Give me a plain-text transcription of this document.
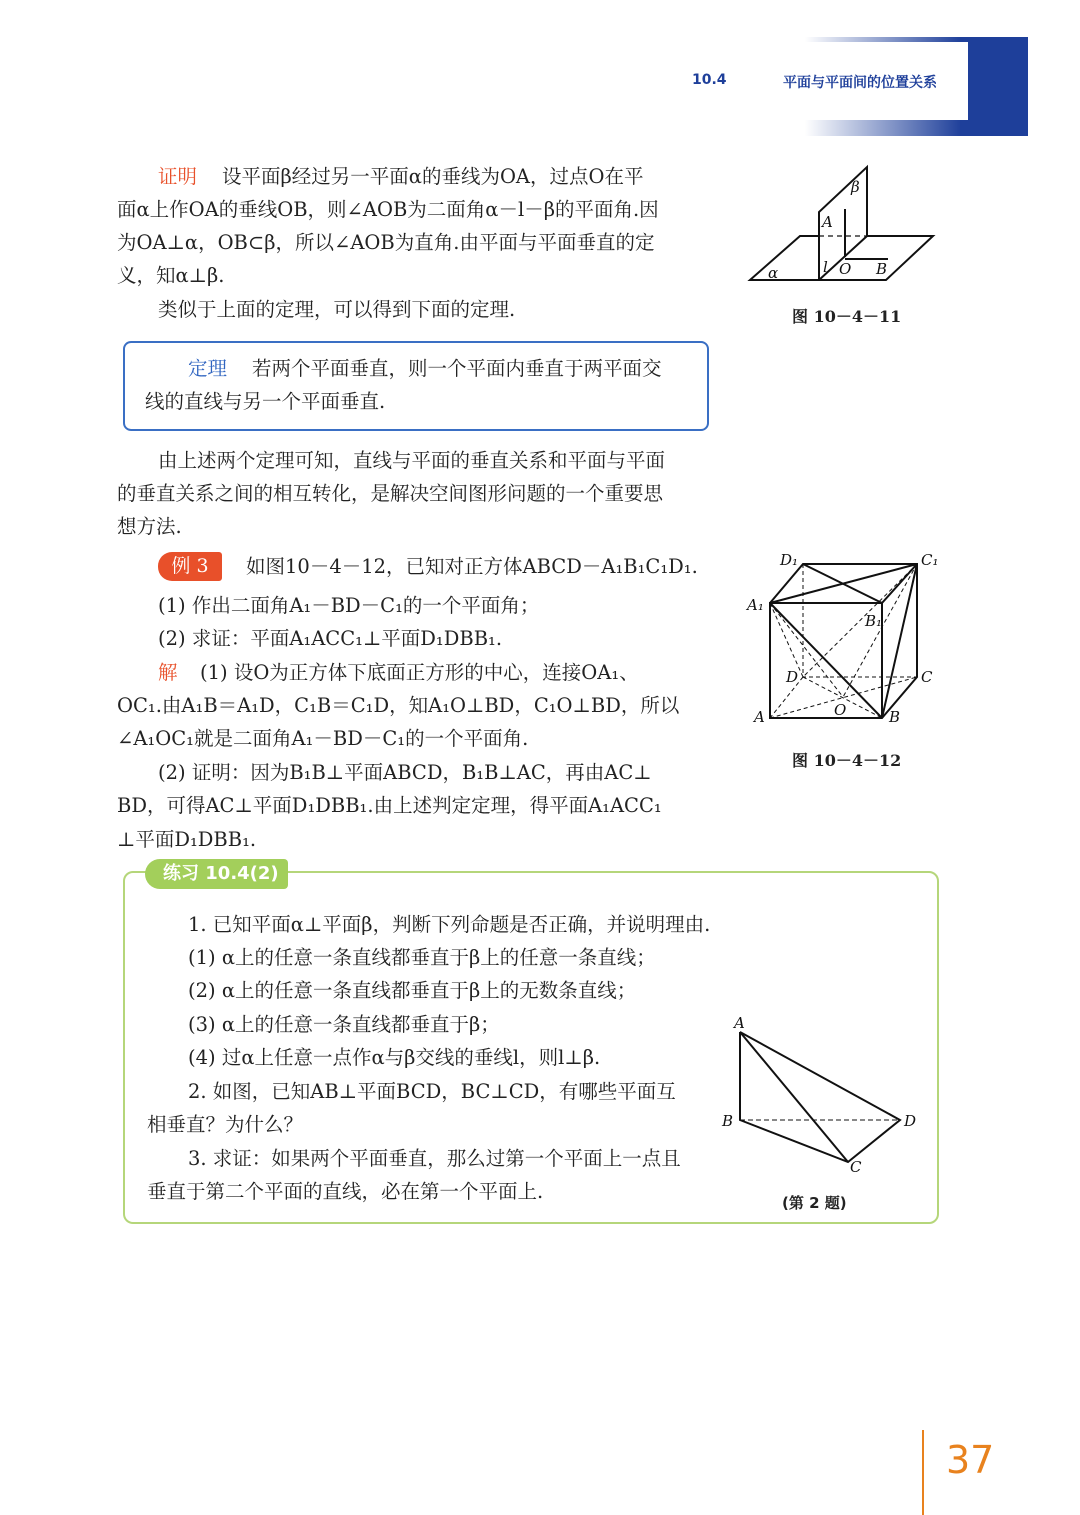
10.4	平面与平面间的位置关系
证明 设平面β经过另一平面α的垂线为OA，过点O在平
面α上作OA的垂线OB，则∠AOB为二面角α－l－β的平面角.因
为OA⊥α，OB⊂β，所以∠AOB为直角.由平面与平面垂直的定
义，知α⊥β.
类似于上面的定理，可以得到下面的定理.
定理 若两个平面垂直，则一个平面内垂直于两平面交
线的直线与另一个平面垂直.
由上述两个定理可知，直线与平面的垂直关系和平面与平面
的垂直关系之间的相互转化，是解决空间图形问题的一个重要思
想方法.
例 3	如图10－4－12，已知对正方体ABCD－A₁B₁C₁D₁.
(1) 作出二面角A₁－BD－C₁的一个平面角；
(2) 求证：平面A₁ACC₁⊥平面D₁DBB₁.
解 (1) 设O为正方体下底面正方形的中心，连接OA₁、
OC₁.由A₁B＝A₁D，C₁B＝C₁D，知A₁O⊥BD，C₁O⊥BD，所以
∠A₁OC₁就是二面角A₁－BD－C₁的一个平面角.
(2) 证明：因为B₁B⊥平面ABCD，B₁B⊥AC，再由AC⊥
BD，可得AC⊥平面D₁DBB₁.由上述判定定理，得平面A₁ACC₁
⊥平面D₁DBB₁.
β
A
α	l O B
D₁	C₁
A₁
B₁
D	C
A	O	B
图 10－4－11
图 10－4－12
练习 10.4(2)
1. 已知平面α⊥平面β，判断下列命题是否正确，并说明理由.
(1) α上的任意一条直线都垂直于β上的任意一条直线；
(2) α上的任意一条直线都垂直于β上的无数条直线；
(3) α上的任意一条直线都垂直于β；
(4) 过α上任意一点作α与β交线的垂线l，则l⊥β.
2. 如图，已知AB⊥平面BCD，BC⊥CD，有哪些平面互
相垂直？为什么？
3. 求证：如果两个平面垂直，那么过第一个平面上一点且
垂直于第二个平面的直线，必在第一个平面上.
A
B	D
C
(第 2 题)
37
